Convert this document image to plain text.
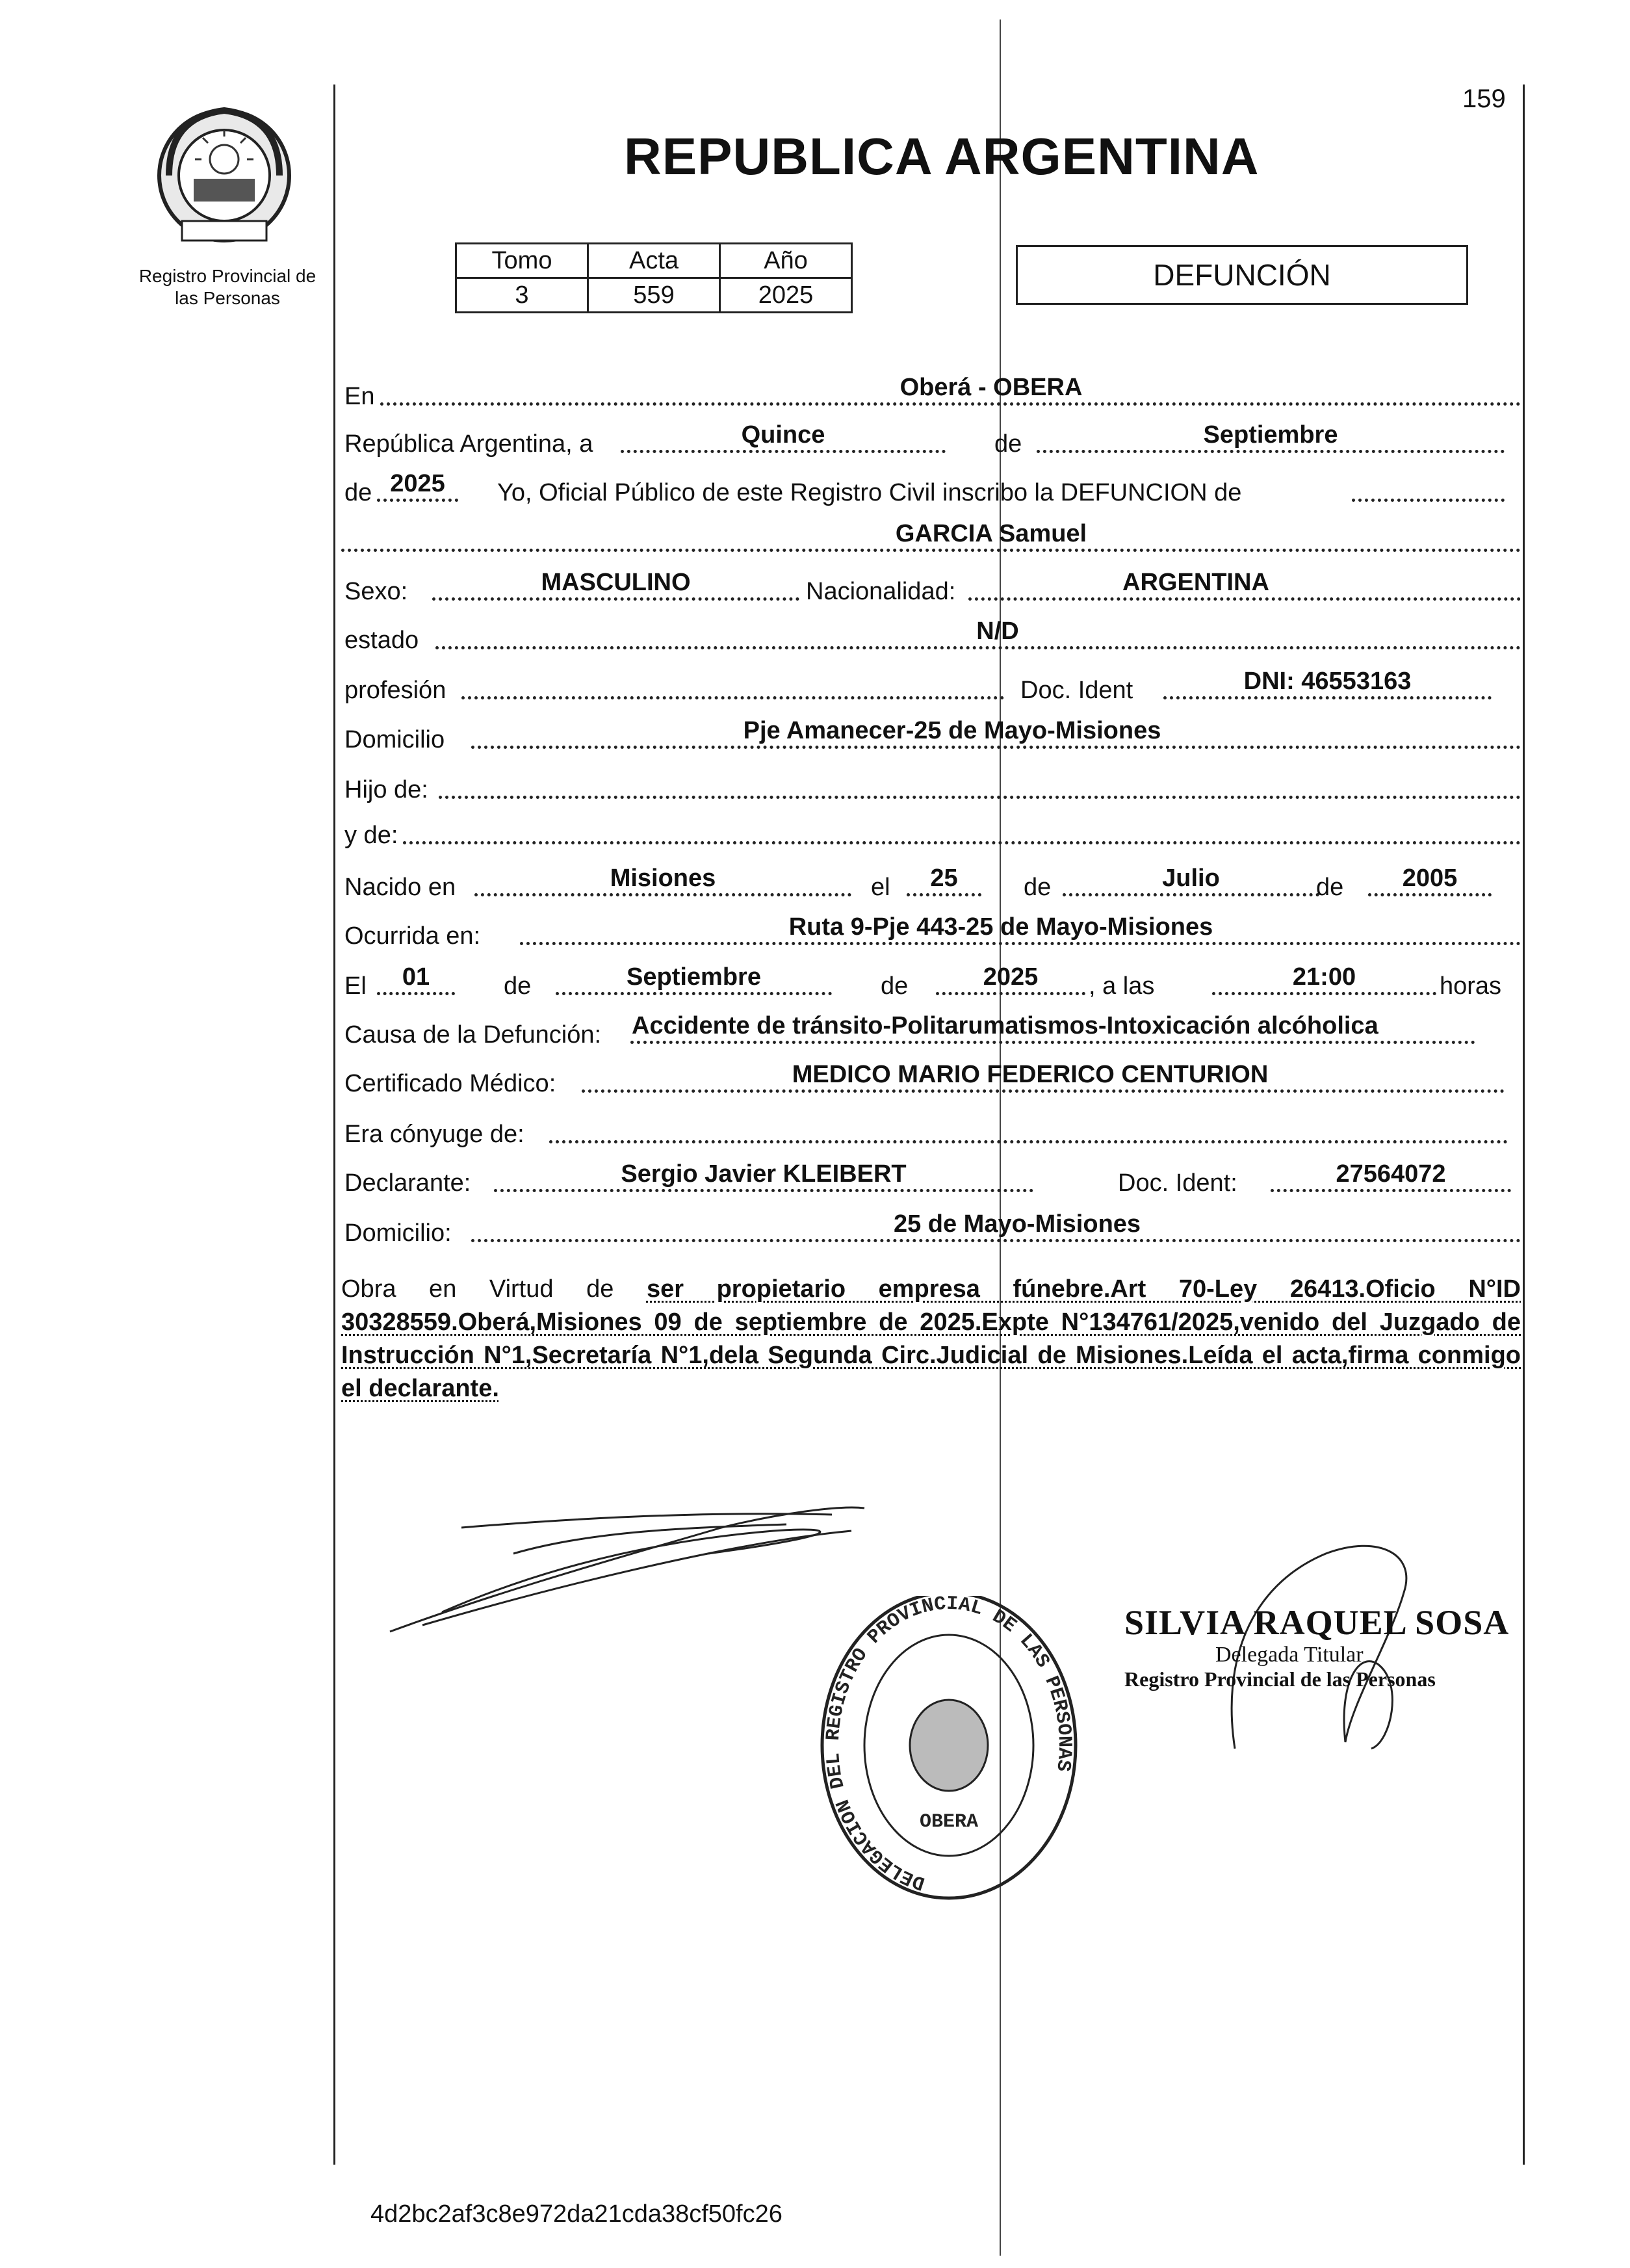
159
REPUBLICA ARGENTINA
Registro Provincial de
las Personas
Tomo	Acta	Año
3	559	2025
DEFUNCIÓN
En	Oberá - OBERA
República Argentina, a	Quince	de	Septiembre
de 2025	Yo, Oficial Público de este Registro Civil inscribo la DEFUNCION de
GARCIA Samuel
Sexo:	MASCULINO	Nacionalidad:	ARGENTINA
estado	N/D
profesión	Doc. Ident	DNI: 46553163
Domicilio	Pje Amanecer-25 de Mayo-Misiones
Hijo de:
y de:
Nacido en	Misiones	el	25	de	Julio	de	2005
Ocurrida en:	Ruta 9-Pje 443-25 de Mayo-Misiones
El	01	de	Septiembre	de	2025	, a las	21:00	horas
Causa de la Defunción: Accidente de tránsito-Politarumatismos-Intoxicación alcóholica
Certificado Médico:	MEDICO MARIO FEDERICO CENTURION
Era cónyuge de:
Declarante:	Sergio Javier KLEIBERT	Doc. Ident:	27564072
Domicilio:	25 de Mayo-Misiones
Obra en Virtud de ser propietario empresa fúnebre.Art 70-Ley 26413.Oficio N°ID 30328559.Oberá,Misiones 09 de septiembre de 2025.Expte N°134761/2025,venido del Juzgado de Instrucción N°1,Secretaría N°1,dela Segunda Circ.Judicial de Misiones.Leída el acta,firma conmigo el declarante.
DELEGACION DEL REGISTRO PROVINCIAL DE LAS PERSONAS
OBERA
SILVIA RAQUEL SOSA
Delegada Titular
Registro Provincial de las Personas
4d2bc2af3c8e972da21cda38cf50fc26
